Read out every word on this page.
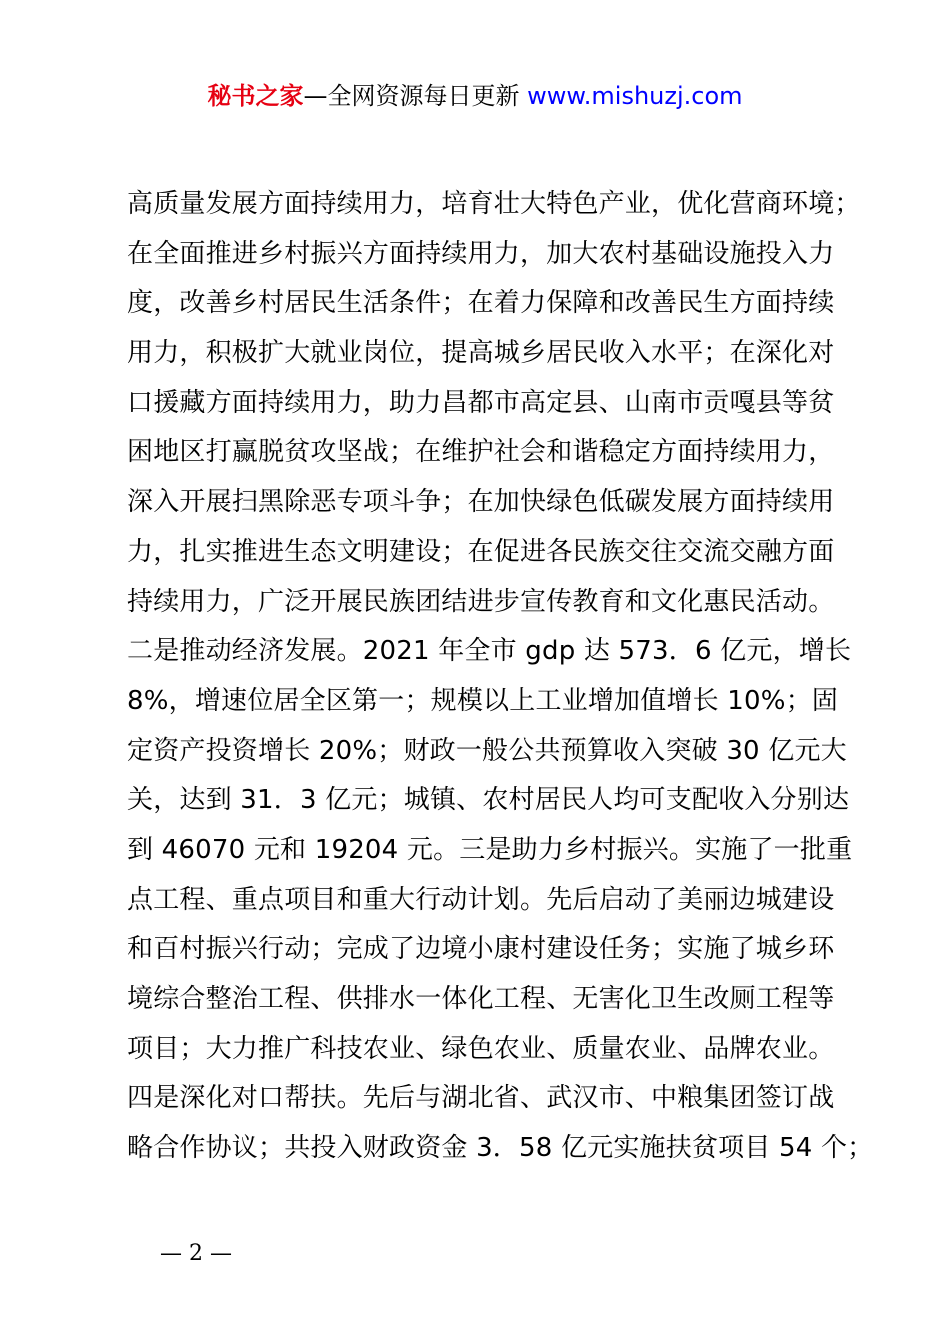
秘书之家—全网资源每日更新 www.mishuzj.com
高质量发展方面持续用力，培育壮大特色产业，优化营商环境；
在全面推进乡村振兴方面持续用力，加大农村基础设施投入力
度，改善乡村居民生活条件；在着力保障和改善民生方面持续
用力，积极扩大就业岗位，提高城乡居民收入水平；在深化对
口援藏方面持续用力，助力昌都市高定县、山南市贡嘎县等贫
困地区打赢脱贫攻坚战；在维护社会和谐稳定方面持续用力，
深入开展扫黑除恶专项斗争；在加快绿色低碳发展方面持续用
力，扎实推进生态文明建设；在促进各民族交往交流交融方面
持续用力，广泛开展民族团结进步宣传教育和文化惠民活动。
二是推动经济发展。2021 年全市 gdp 达 573．6 亿元，增长
8%，增速位居全区第一；规模以上工业增加值增长 10%；固
定资产投资增长 20%；财政一般公共预算收入突破 30 亿元大
关，达到 31．3 亿元；城镇、农村居民人均可支配收入分别达
到 46070 元和 19204 元。三是助力乡村振兴。实施了一批重
点工程、重点项目和重大行动计划。先后启动了美丽边城建设
和百村振兴行动；完成了边境小康村建设任务；实施了城乡环
境综合整治工程、供排水一体化工程、无害化卫生改厕工程等
项目；大力推广科技农业、绿色农业、质量农业、品牌农业。
四是深化对口帮扶。先后与湖北省、武汉市、中粮集团签订战
略合作协议；共投入财政资金 3．58 亿元实施扶贫项目 54 个；
— 2 —
